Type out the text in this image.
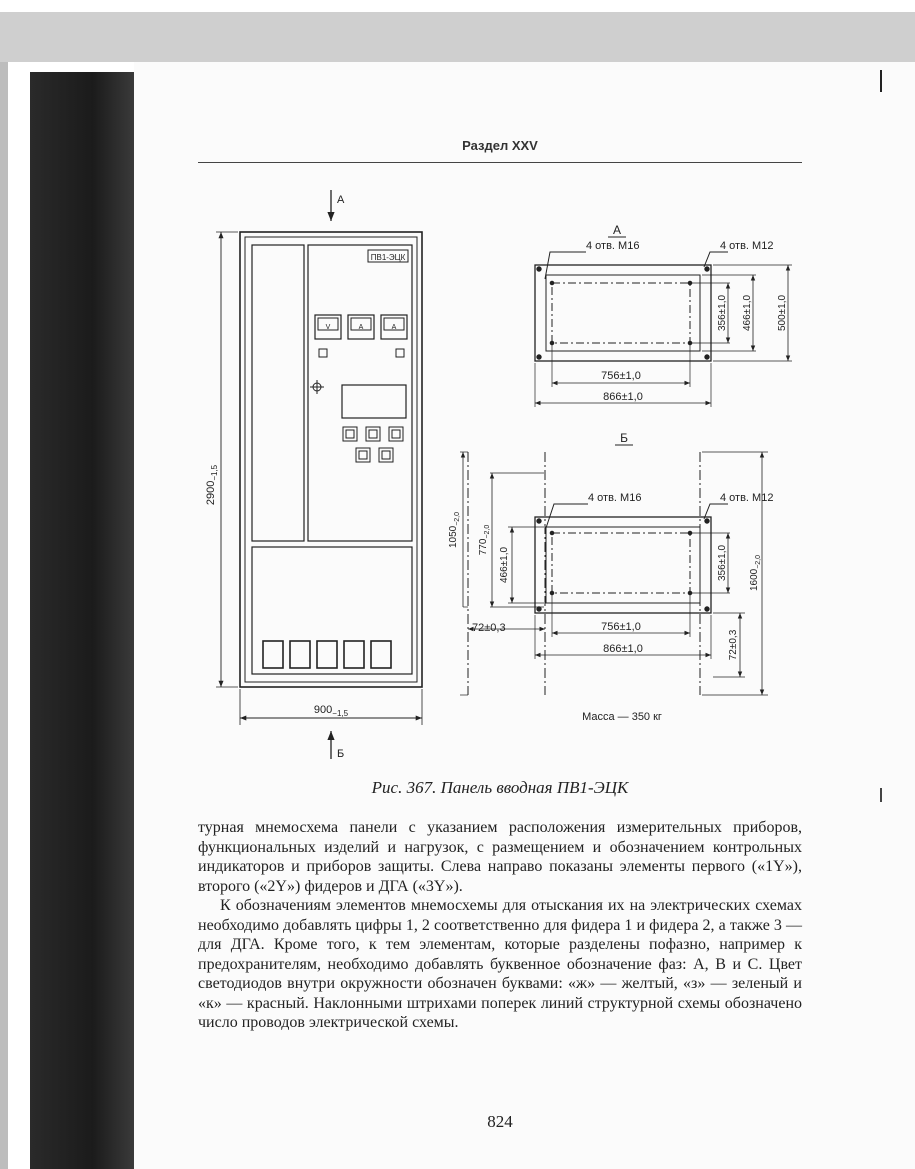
Раздел XXV
А
Б
ПВ1-ЭЦК
V	A	A
$2900_{-1,5}$
$900_{-1,5}$
А
4 отв. М16	4 отв. М12
756±1,0
866±1,0
356±1,0 466±1,0 500±1,0
Б
4 отв. М16	4 отв. М12
$1050_{-2,0}$
$770_{-2,0}$
466±1,0	356±1,0 $1600_{-2,0}$
72±0,3
72±0,3	756±1,0
866±1,0
Масса — 350 кг
Рис. 367. Панель вводная ПВ1-ЭЦК

турная мнемосхема панели с указанием расположения измерительных приборов, функциональных изделий и нагрузок, с размещением и обозначением контрольных индикаторов и приборов защиты. Слева направо показаны элементы первого («1Y»), второго («2Y») фидеров и ДГА («3Y»).

К обозначениям элементов мнемосхемы для отыскания их на электрических схемах необходимо добавлять цифры 1, 2 соответственно для фидера 1 и фидера 2, а также 3 — для ДГА. Кроме того, к тем элементам, которые разделены пофазно, например к предохранителям, необходимо добавлять буквенное обозначение фаз: А, В и С. Цвет светодиодов внутри окружности обозначен буквами: «ж» — желтый, «з» — зеленый и «к» — красный. Наклонными штрихами поперек линий структурной схемы обозначено число проводов электрической схемы.

824
